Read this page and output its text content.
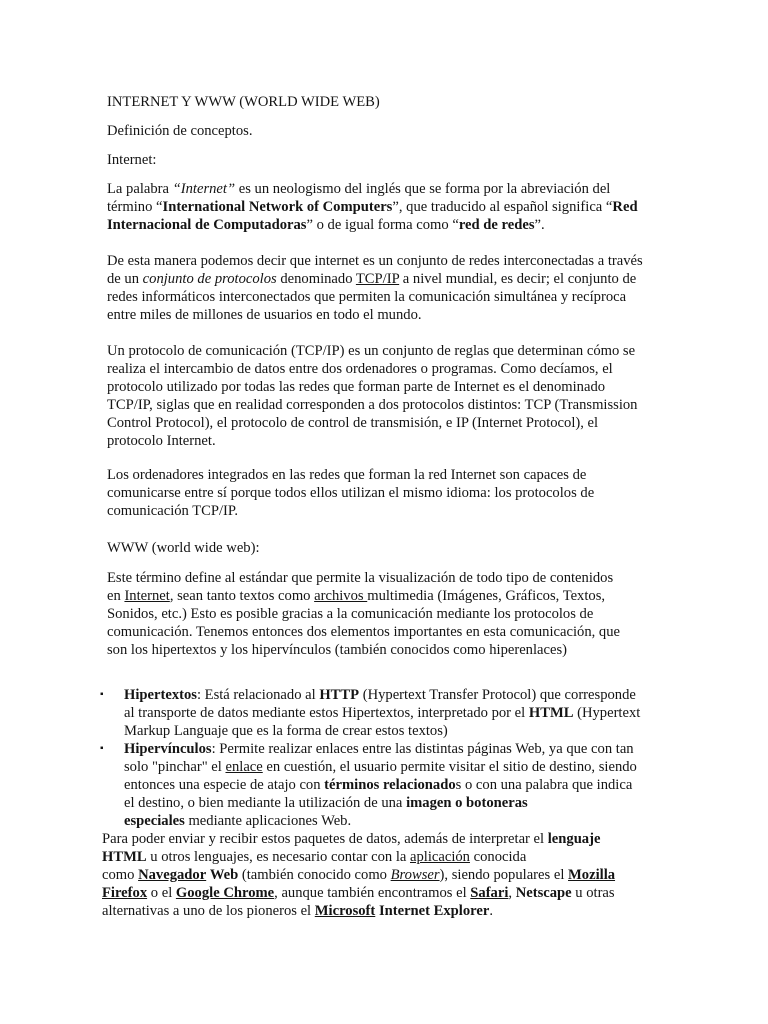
INTERNET Y WWW (WORLD WIDE WEB)

Definición de conceptos.

Internet:

La palabra “Internet” es un neologismo del inglés que se forma por la abreviación del
término “International Network of Computers”, que traducido al español significa “Red
Internacional de Computadoras” o de igual forma como “red de redes”.

De esta manera podemos decir que internet es un conjunto de redes interconectadas a través
de un conjunto de protocolos denominado TCP/IP a nivel mundial, es decir; el conjunto de
redes informáticos interconectados que permiten la comunicación simultánea y recíproca
entre miles de millones de usuarios en todo el mundo.

Un protocolo de comunicación (TCP/IP) es un conjunto de reglas que determinan cómo se
realiza el intercambio de datos entre dos ordenadores o programas. Como decíamos, el
protocolo utilizado por todas las redes que forman parte de Internet es el denominado
TCP/IP, siglas que en realidad corresponden a dos protocolos distintos: TCP (Transmission
Control Protocol), el protocolo de control de transmisión, e IP (Internet Protocol), el
protocolo Internet.

Los ordenadores integrados en las redes que forman la red Internet son capaces de
comunicarse entre sí porque todos ellos utilizan el mismo idioma: los protocolos de
comunicación TCP/IP.

WWW (world wide web):

Este término define al estándar que permite la visualización de todo tipo de contenidos
en Internet, sean tanto textos como archivos multimedia (Imágenes, Gráficos, Textos,
Sonidos, etc.) Esto es posible gracias a la comunicación mediante los protocolos de
comunicación. Tenemos entonces dos elementos importantes en esta comunicación, que
son los hipertextos y los hipervínculos (también conocidos como hiperenlaces)

▪ Hipertextos: Está relacionado al HTTP (Hypertext Transfer Protocol) que corresponde
al transporte de datos mediante estos Hipertextos, interpretado por el HTML (Hypertext
Markup Languaje que es la forma de crear estos textos)
▪ Hipervínculos: Permite realizar enlaces entre las distintas páginas Web, ya que con tan
solo "pinchar" el enlace en cuestión, el usuario permite visitar el sitio de destino, siendo
entonces una especie de atajo con términos relacionados o con una palabra que indica
el destino, o bien mediante la utilización de una imagen o botoneras
especiales mediante aplicaciones Web.

Para poder enviar y recibir estos paquetes de datos, además de interpretar el lenguaje
HTML u otros lenguajes, es necesario contar con la aplicación conocida
como Navegador Web (también conocido como Browser), siendo populares el Mozilla
Firefox o el Google Chrome, aunque también encontramos el Safari, Netscape u otras
alternativas a uno de los pioneros el Microsoft Internet Explorer.
